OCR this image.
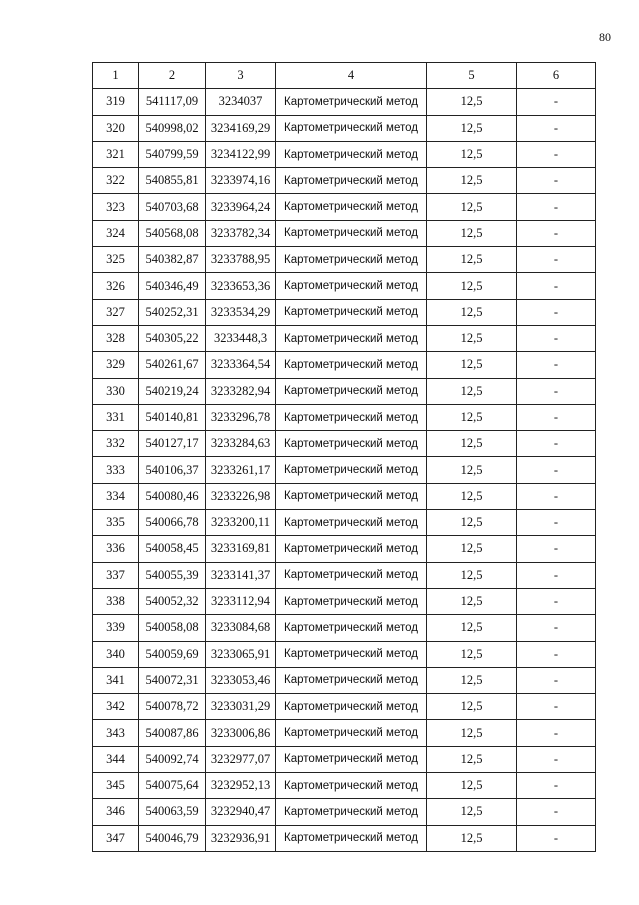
80
1	2	3	4	5	6
319	541117,09	3234037	Картометрический метод	12,5	-
320	540998,02	3234169,29	Картометрический метод	12,5	-
321	540799,59	3234122,99	Картометрический метод	12,5	-
322	540855,81	3233974,16	Картометрический метод	12,5	-
323	540703,68	3233964,24	Картометрический метод	12,5	-
324	540568,08	3233782,34	Картометрический метод	12,5	-
325	540382,87	3233788,95	Картометрический метод	12,5	-
326	540346,49	3233653,36	Картометрический метод	12,5	-
327	540252,31	3233534,29	Картометрический метод	12,5	-
328	540305,22	3233448,3	Картометрический метод	12,5	-
329	540261,67	3233364,54	Картометрический метод	12,5	-
330	540219,24	3233282,94	Картометрический метод	12,5	-
331	540140,81	3233296,78	Картометрический метод	12,5	-
332	540127,17	3233284,63	Картометрический метод	12,5	-
333	540106,37	3233261,17	Картометрический метод	12,5	-
334	540080,46	3233226,98	Картометрический метод	12,5	-
335	540066,78	3233200,11	Картометрический метод	12,5	-
336	540058,45	3233169,81	Картометрический метод	12,5	-
337	540055,39	3233141,37	Картометрический метод	12,5	-
338	540052,32	3233112,94	Картометрический метод	12,5	-
339	540058,08	3233084,68	Картометрический метод	12,5	-
340	540059,69	3233065,91	Картометрический метод	12,5	-
341	540072,31	3233053,46	Картометрический метод	12,5	-
342	540078,72	3233031,29	Картометрический метод	12,5	-
343	540087,86	3233006,86	Картометрический метод	12,5	-
344	540092,74	3232977,07	Картометрический метод	12,5	-
345	540075,64	3232952,13	Картометрический метод	12,5	-
346	540063,59	3232940,47	Картометрический метод	12,5	-
347	540046,79	3232936,91	Картометрический метод	12,5	-
